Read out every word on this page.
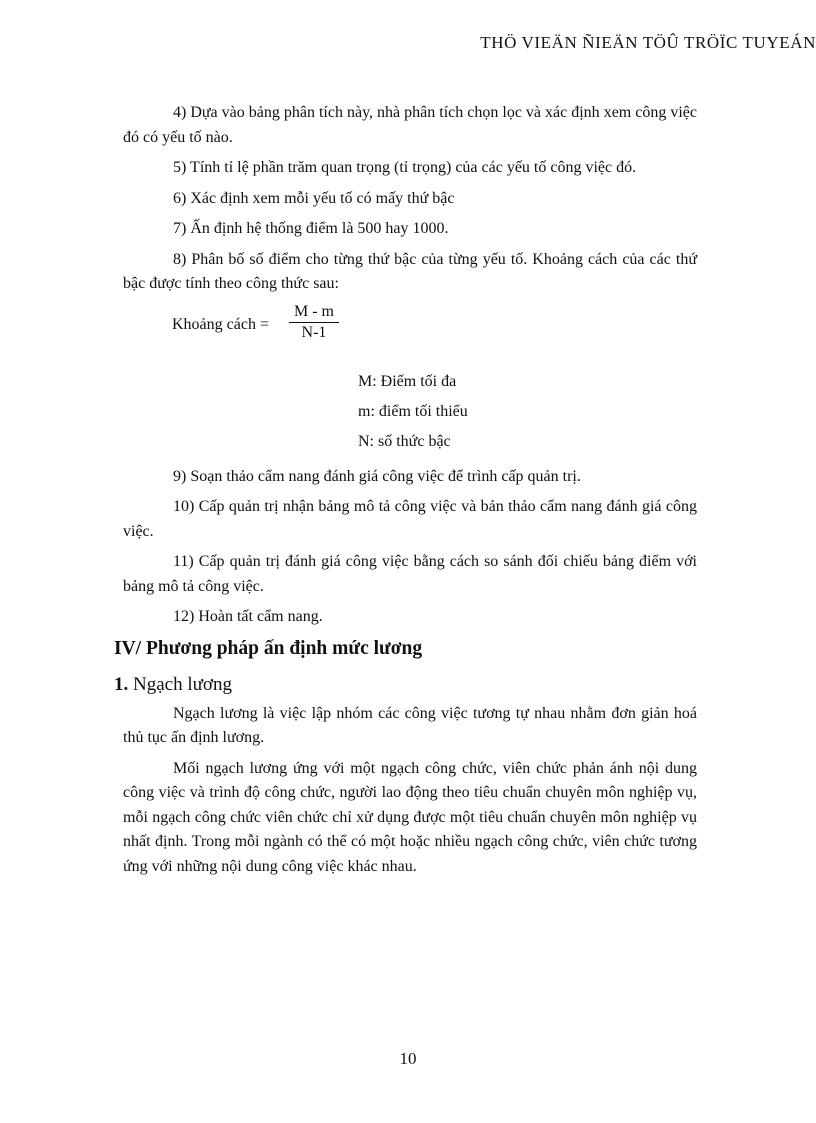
THÖ VIEÄN ÑIEÄN TÖÛ TRÖÏC TUYEÁN

4) Dựa vào bảng phân tích này, nhà phân tích chọn lọc và xác định xem công việc đó có yếu tố nào.

5) Tính tỉ lệ phần trăm quan trọng (tỉ trọng) của các yếu tố công việc đó.

6) Xác định xem mỗi yếu tố có mấy thứ bậc

7) Ấn định hệ thống điểm là 500 hay 1000.

8) Phân bố số điểm cho từng thứ bậc của từng yếu tố. Khoảng cách của các thứ bậc được tính theo công thức sau:

Khoảng cách = $\frac{M - m}{N-1}$
M: Điểm tối đa
m: điểm tối thiểu
N: số thức bậc

9) Soạn thảo cẩm nang đánh giá công việc để trình cấp quản trị.

10) Cấp quản trị nhận bảng mô tả công việc và bản thảo cẩm nang đánh giá công việc.

11) Cấp quản trị đánh giá công việc bằng cách so sánh đối chiếu bảng điểm với bảng mô tả công việc.

12) Hoàn tất cẩm nang.

IV/ Phương pháp ấn định mức lương
1. Ngạch lương

Ngạch lương là việc lập nhóm các công việc tương tự nhau nhằm đơn giản hoá thủ tục ấn định lương.

Mối ngạch lương ứng với một ngạch công chức, viên chức phản ánh nội dung công việc và trình độ công chức, người lao động theo tiêu chuẩn chuyên môn nghiệp vụ, mỗi ngạch công chức viên chức chỉ xử dụng được một tiêu chuẩn chuyên môn nghiệp vụ nhất định. Trong mỗi ngành có thể có một hoặc nhiều ngạch công chức, viên chức tương ứng với những nội dung công việc khác nhau.

10
